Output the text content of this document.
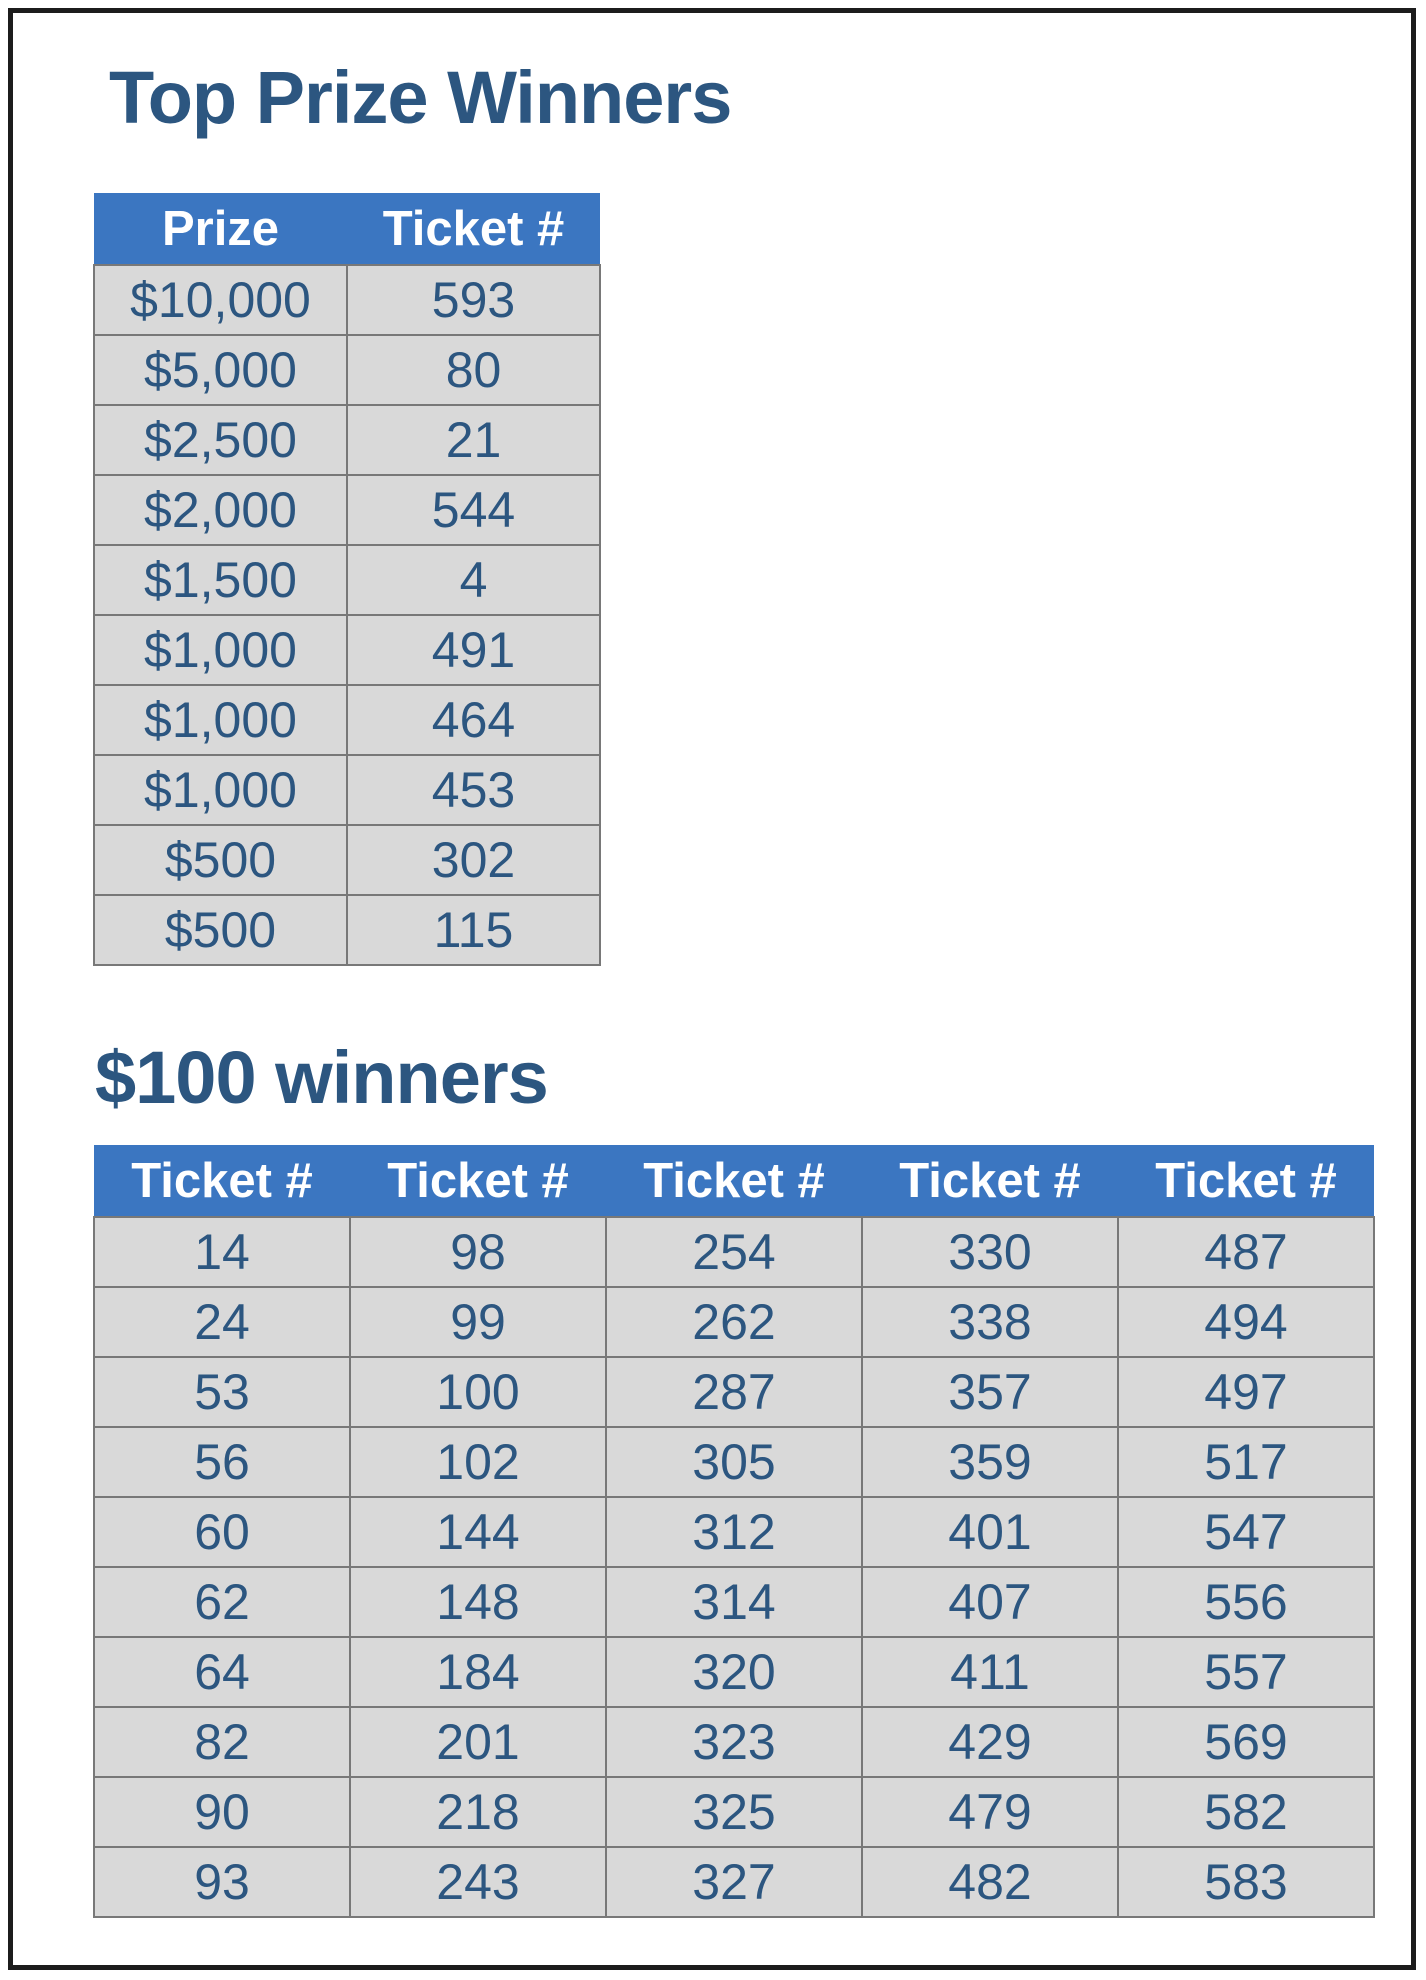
Top Prize Winners
Prize	Ticket #
$10,000	593
$5,000	80
$2,500	21
$2,000	544
$1,500	4
$1,000	491
$1,000	464
$1,000	453
$500	302
$500	115
$100 winners
Ticket #	Ticket #	Ticket #	Ticket #	Ticket #
14	98	254	330	487
24	99	262	338	494
53	100	287	357	497
56	102	305	359	517
60	144	312	401	547
62	148	314	407	556
64	184	320	411	557
82	201	323	429	569
90	218	325	479	582
93	243	327	482	583
